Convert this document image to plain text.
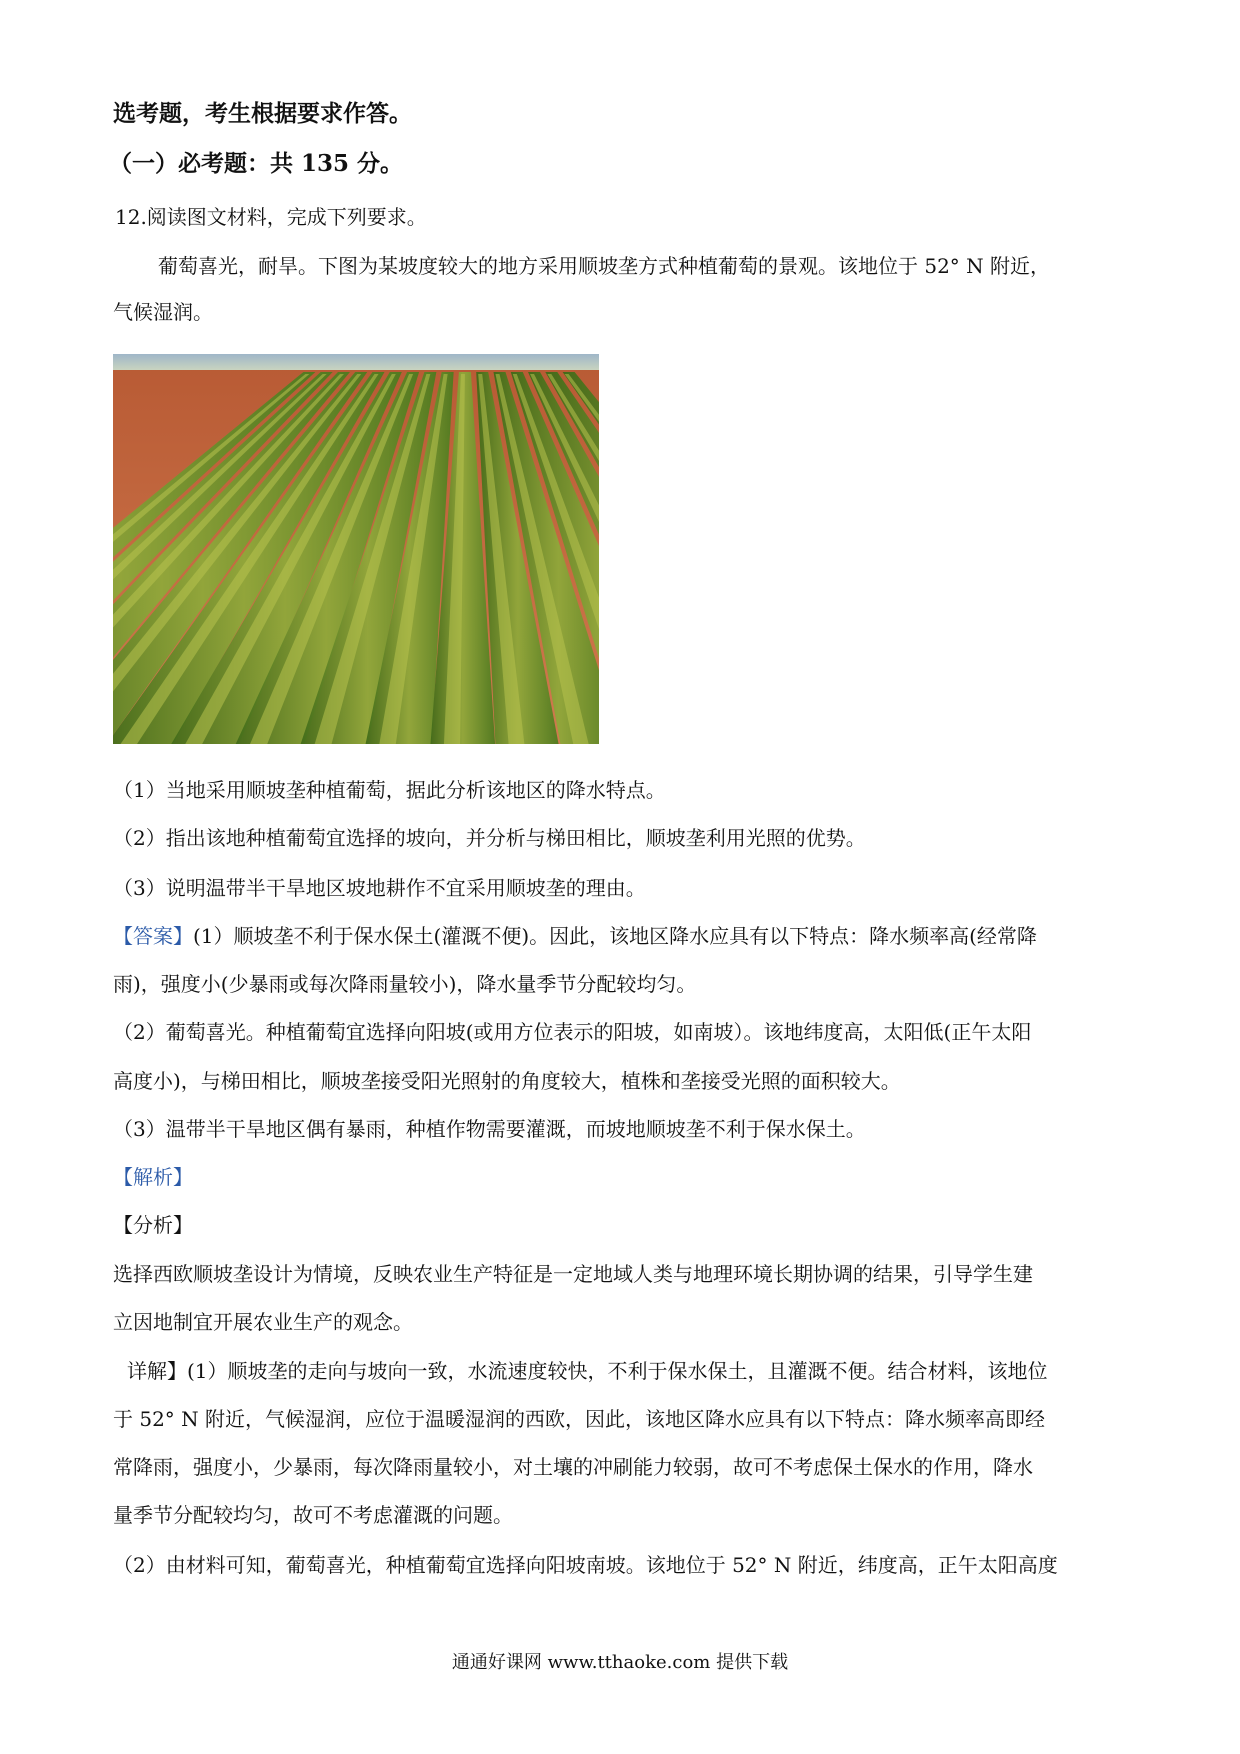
选考题，考生根据要求作答。
（一）必考题：共 135 分。
12.阅读图文材料，完成下列要求。
葡萄喜光，耐旱。下图为某坡度较大的地方采用顺坡垄方式种植葡萄的景观。该地位于 52° N 附近，
气候湿润。
（1）当地采用顺坡垄种植葡萄，据此分析该地区的降水特点。
（2）指出该地种植葡萄宜选择的坡向，并分析与梯田相比，顺坡垄利用光照的优势。
（3）说明温带半干旱地区坡地耕作不宜采用顺坡垄的理由。
【答案】(1）顺坡垄不利于保水保土(灌溉不便)。因此，该地区降水应具有以下特点：降水频率高(经常降
雨)，强度小(少暴雨或每次降雨量较小)，降水量季节分配较均匀。
（2）葡萄喜光。种植葡萄宜选择向阳坡(或用方位表示的阳坡，如南坡）。该地纬度高，太阳低(正午太阳
高度小)，与梯田相比，顺坡垄接受阳光照射的角度较大，植株和垄接受光照的面积较大。
（3）温带半干旱地区偶有暴雨，种植作物需要灌溉，而坡地顺坡垄不利于保水保土。
【解析】
【分析】
选择西欧顺坡垄设计为情境，反映农业生产特征是一定地域人类与地理环境长期协调的结果，引导学生建
立因地制宜开展农业生产的观念。
详解】(1）顺坡垄的走向与坡向一致，水流速度较快，不利于保水保土，且灌溉不便。结合材料，该地位
于 52° N 附近，气候湿润，应位于温暖湿润的西欧，因此，该地区降水应具有以下特点：降水频率高即经
常降雨，强度小，少暴雨，每次降雨量较小，对土壤的冲刷能力较弱，故可不考虑保土保水的作用，降水
量季节分配较均匀，故可不考虑灌溉的问题。
（2）由材料可知，葡萄喜光，种植葡萄宜选择向阳坡南坡。该地位于 52° N 附近，纬度高，正午太阳高度
通通好课网 www.tthaoke.com 提供下载
